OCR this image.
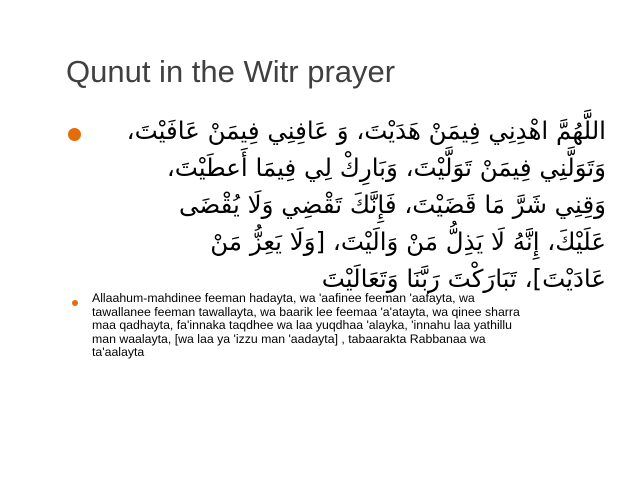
Qunut in the Witr prayer
اللَّهُمَّ اهْدِنِي فِيمَنْ هَدَيْتَ، وَ عَافِنِي فِيمَنْ عَافَيْتَ،
وَتَوَلَّنِي فِيمَنْ تَوَلَّيْتَ، وَبَارِكْ لِي فِيمَا أَعطَيْتَ،
وَقِنِي شَرَّ مَا قَضَيْتَ، فَإِنَّكَ تَقْضِي وَلَا يُقْضَى
عَلَيْكَ، إِنَّهُ لَا يَذِلُّ مَنْ وَالَيْتَ، [وَلَا يَعِزُّ مَنْ
عَادَيْتَ]، تَبَارَكْتَ رَبَّنَا وَتَعَالَيْتَ
Allaahum-mahdinee feeman hadayta, wa 'aafinee feeman 'aafayta, wa
tawallanee feeman tawallayta, wa baarik lee feemaa 'a'atayta, wa qinee sharra
maa qadhayta, fa'innaka taqdhee wa laa yuqdhaa 'alayka, 'innahu laa yathillu
man waalayta, [wa laa ya 'izzu man 'aadayta] , tabaarakta Rabbanaa wa
ta'aalayta
